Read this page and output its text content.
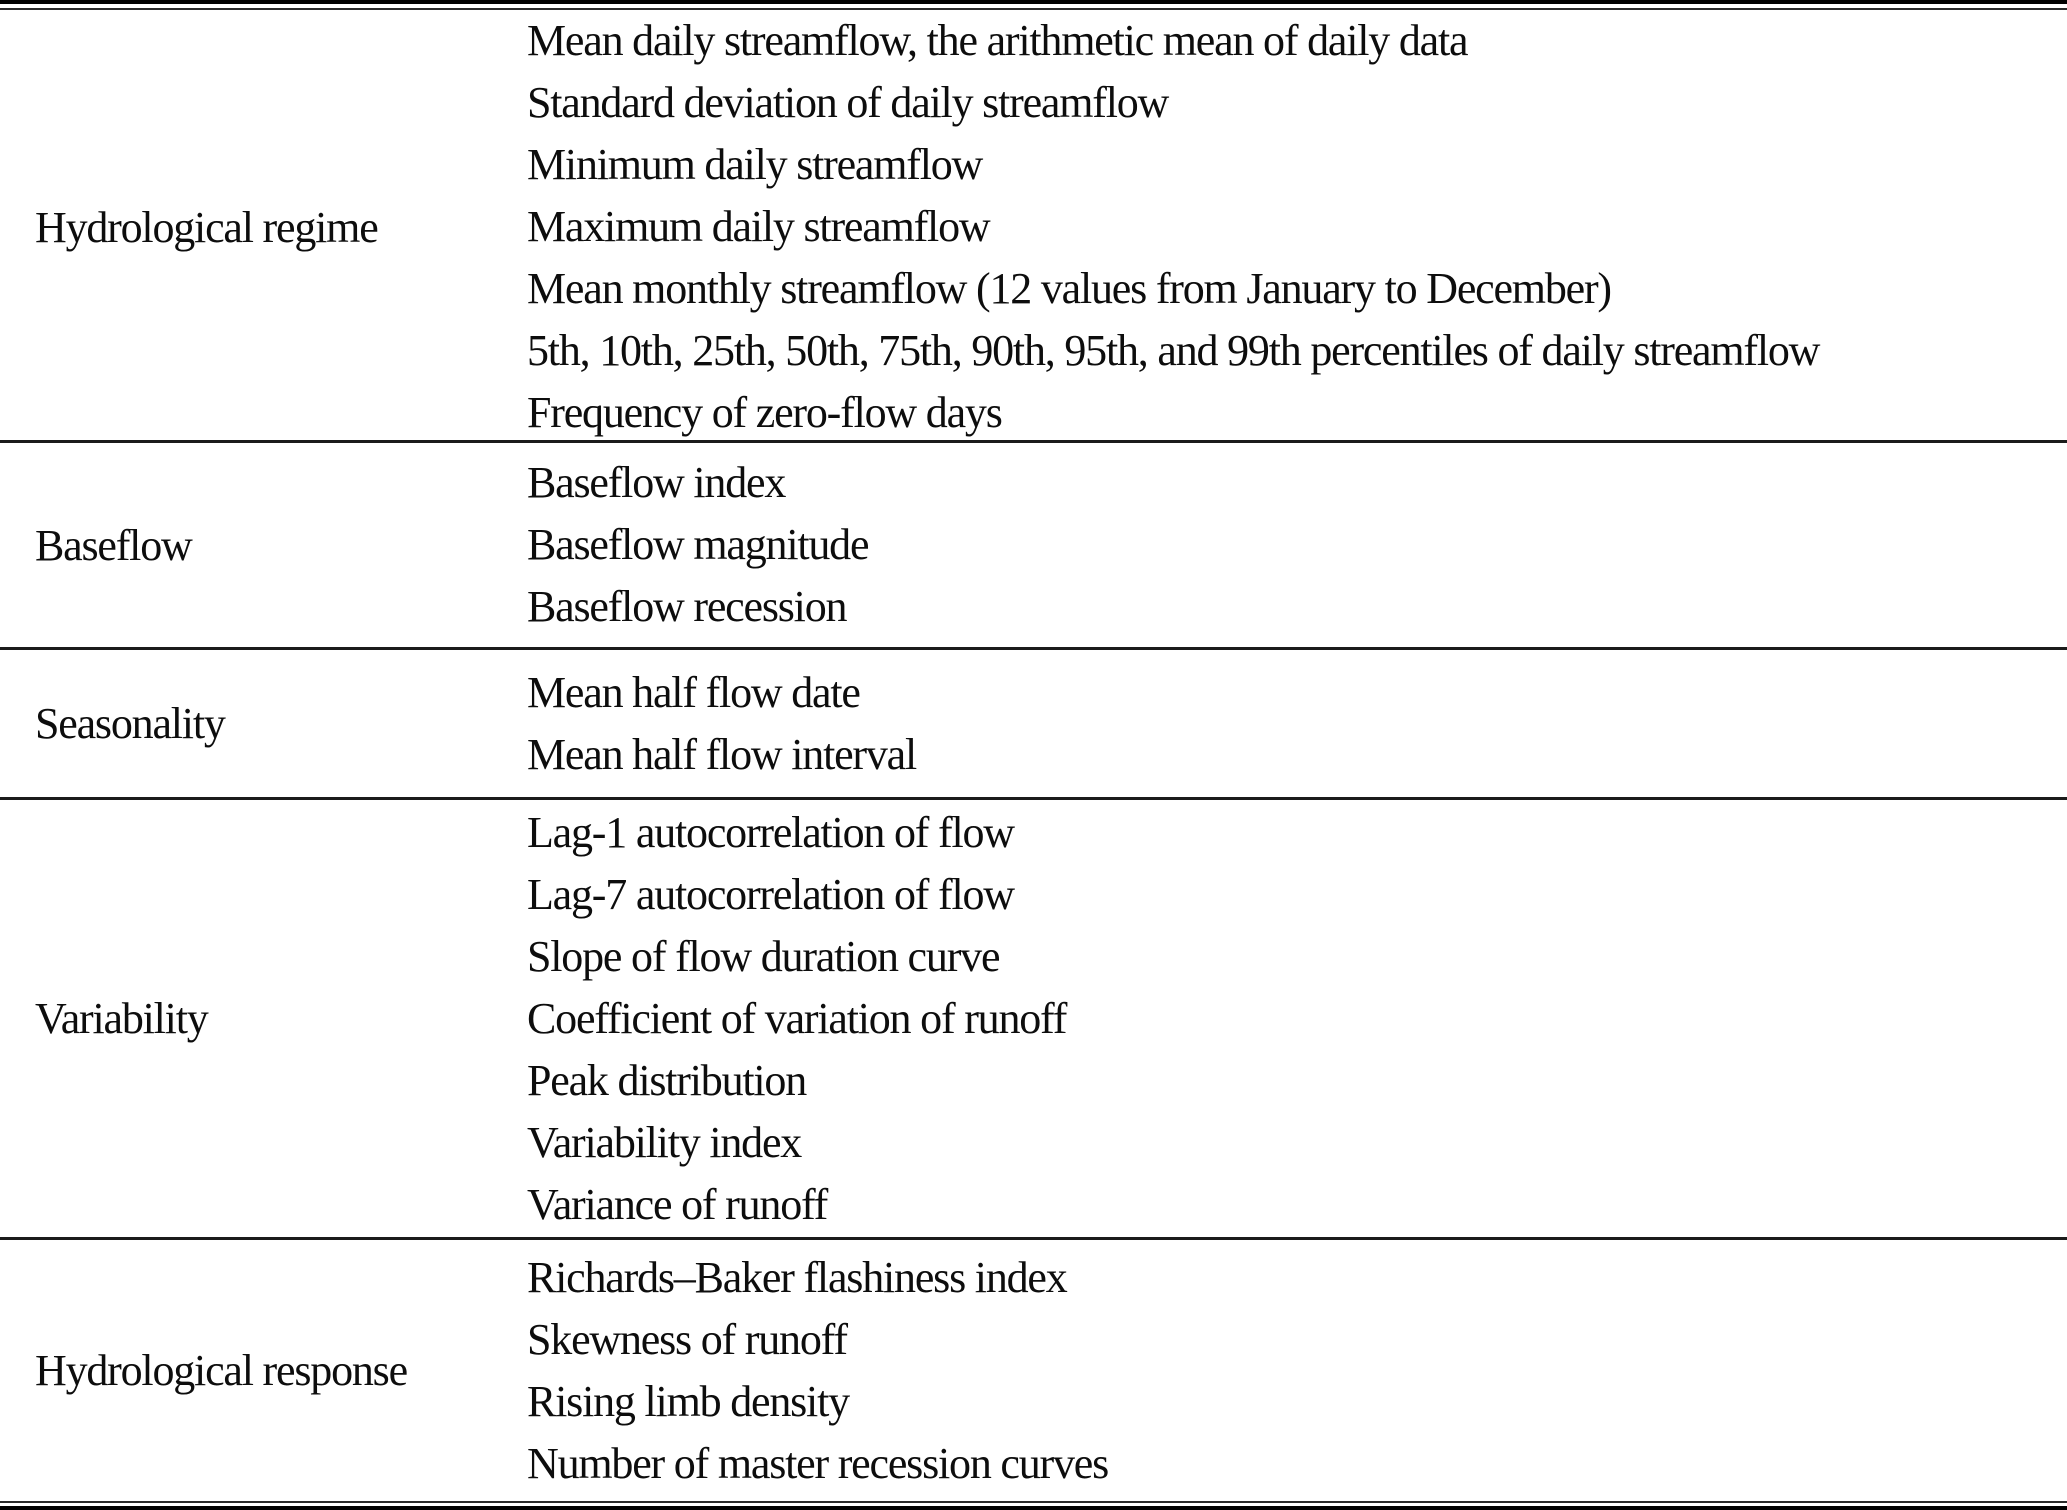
Hydrological regime
Mean daily streamflow, the arithmetic mean of daily data
Standard deviation of daily streamflow
Minimum daily streamflow
Maximum daily streamflow
Mean monthly streamflow (12 values from January to December)
5th, 10th, 25th, 50th, 75th, 90th, 95th, and 99th percentiles of daily streamflow
Frequency of zero-flow days
Baseflow
Baseflow index
Baseflow magnitude
Baseflow recession
Seasonality
Mean half flow date
Mean half flow interval
Variability
Lag-1 autocorrelation of flow
Lag-7 autocorrelation of flow
Slope of flow duration curve
Coefficient of variation of runoff
Peak distribution
Variability index
Variance of runoff
Hydrological response
Richards–Baker flashiness index
Skewness of runoff
Rising limb density
Number of master recession curves
